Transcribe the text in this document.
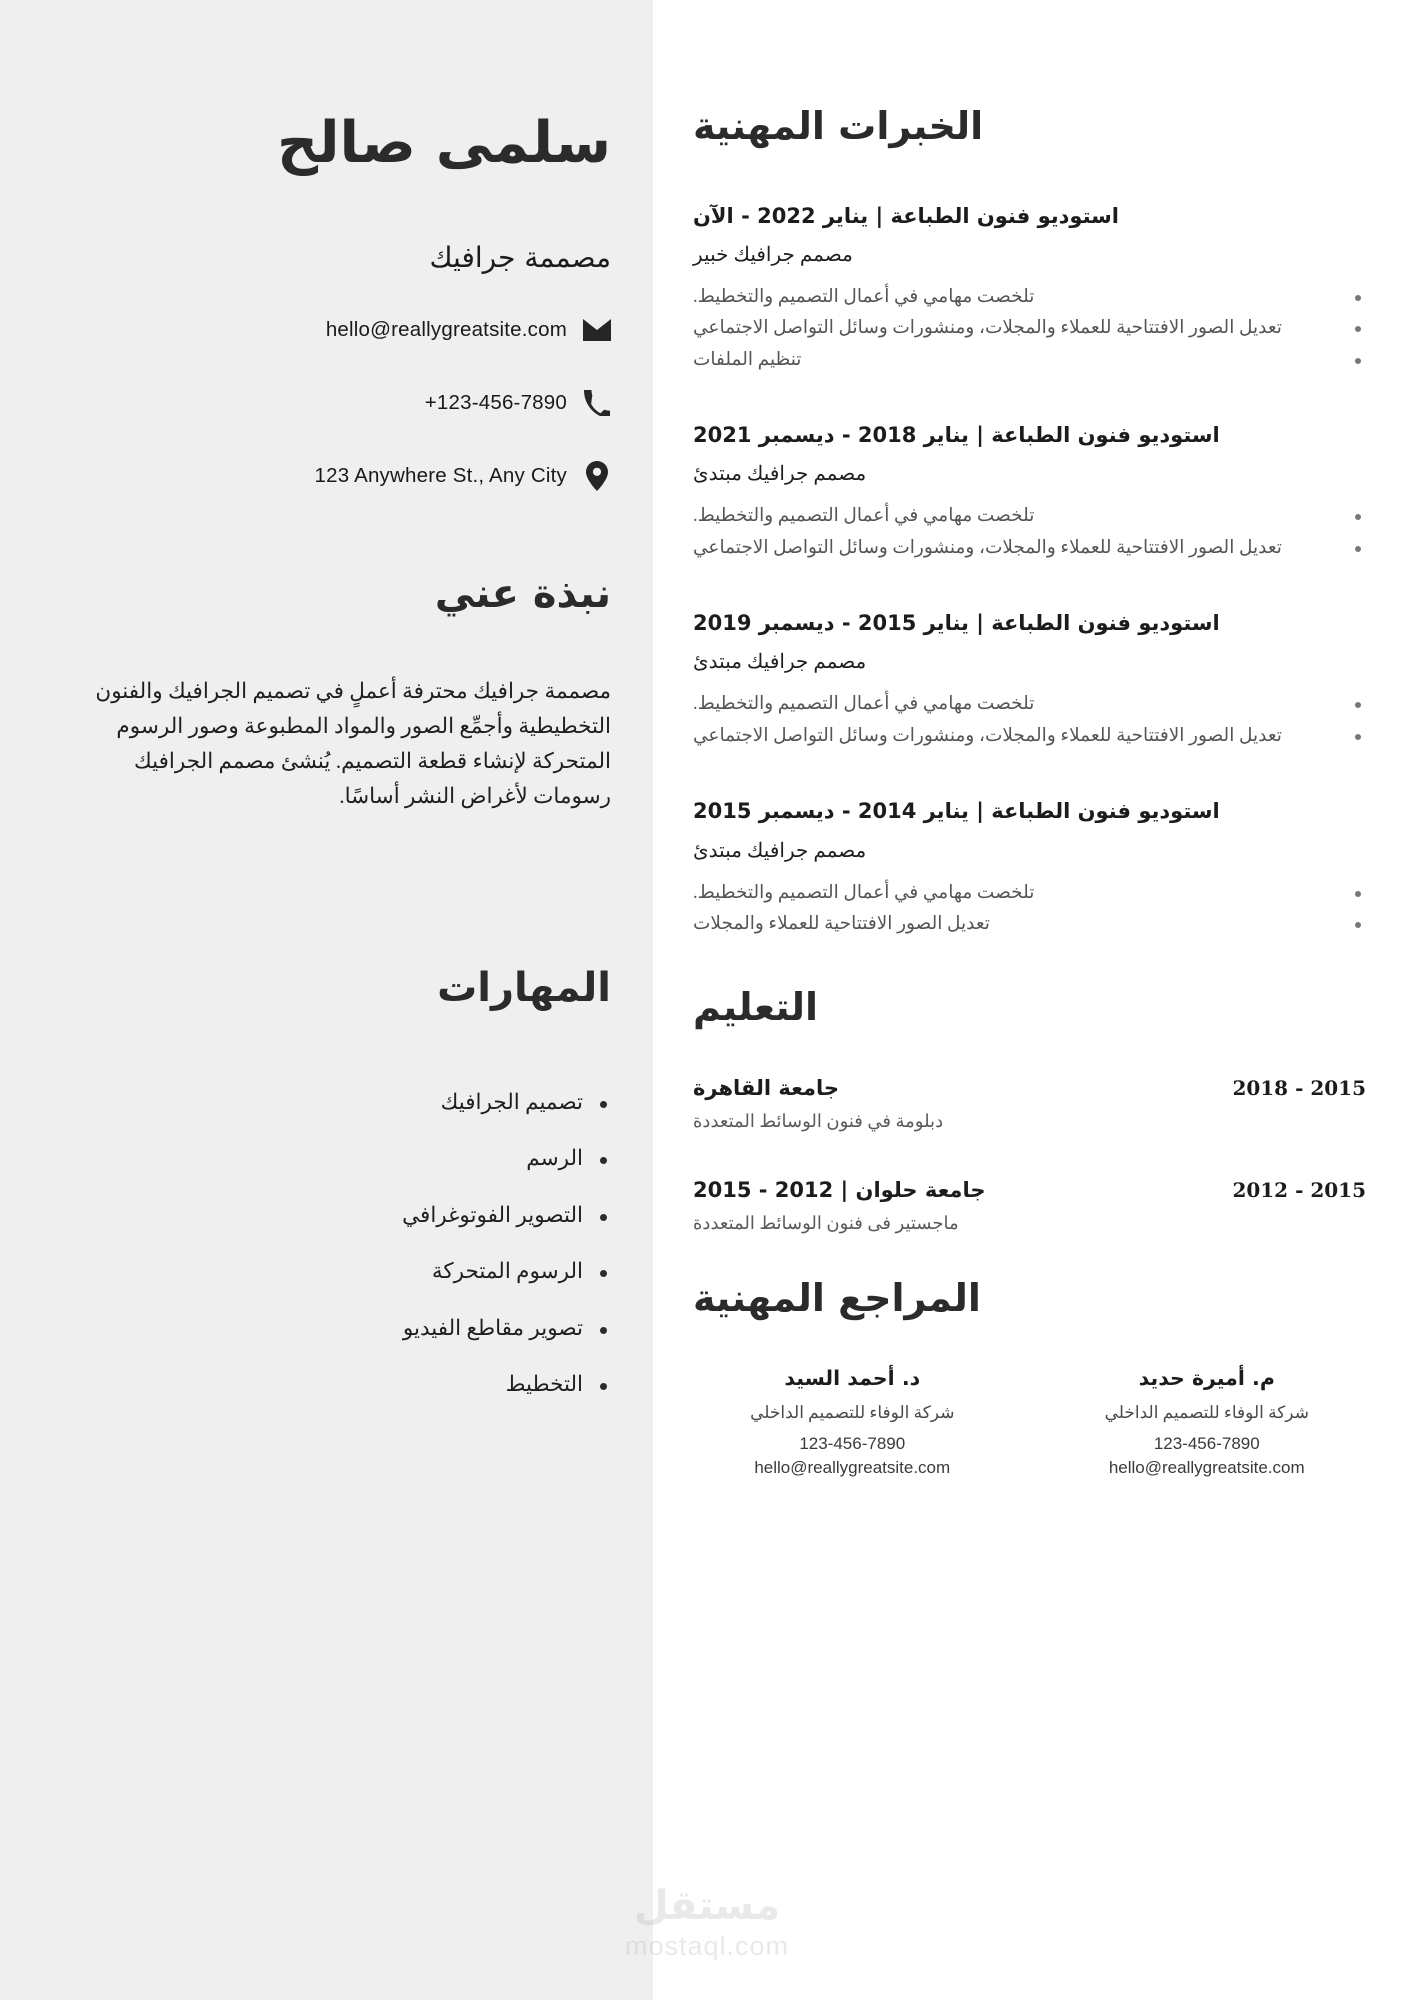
الخبرات المهنية
استوديو فنون الطباعة | يناير 2022 - الآن
مصمم جرافيك خبير
تلخصت مهامي في أعمال التصميم والتخطيط.
تعديل الصور الافتتاحية للعملاء والمجلات، ومنشورات وسائل التواصل الاجتماعي
تنظيم الملفات
استوديو فنون الطباعة | يناير 2018 - ديسمبر 2021
مصمم جرافيك مبتدئ
تلخصت مهامي في أعمال التصميم والتخطيط.
تعديل الصور الافتتاحية للعملاء والمجلات، ومنشورات وسائل التواصل الاجتماعي
استوديو فنون الطباعة | يناير 2015 - ديسمبر 2019
مصمم جرافيك مبتدئ
تلخصت مهامي في أعمال التصميم والتخطيط.
تعديل الصور الافتتاحية للعملاء والمجلات، ومنشورات وسائل التواصل الاجتماعي
استوديو فنون الطباعة | يناير 2014 - ديسمبر 2015
مصمم جرافيك مبتدئ
تلخصت مهامي في أعمال التصميم والتخطيط.
تعديل الصور الافتتاحية للعملاء والمجلات
التعليم
2018 - 2015
جامعة القاهرة
دبلومة في فنون الوسائط المتعددة
2012 - 2015
جامعة حلوان | 2012 - 2015
ماجستير فى فنون الوسائط المتعددة
المراجع المهنية
د. أحمد السيد
شركة الوفاء للتصميم الداخلي
123-456-7890
hello@reallygreatsite.com
م. أميرة حديد
شركة الوفاء للتصميم الداخلي
123-456-7890
hello@reallygreatsite.com
سلمى صالح
مصممة جرافيك
hello@reallygreatsite.com
+123-456-7890
123 Anywhere St., Any City
نبذة عني
مصممة جرافيك محترفة أعملٍ في تصميم الجرافيك والفنون التخطيطية وأجمِّع الصور والمواد المطبوعة وصور الرسوم المتحركة لإنشاء قطعة التصميم. يُنشئ مصمم الجرافيك رسومات لأغراض النشر أساسًا.
المهارات
تصميم الجرافيك
الرسم
التصوير الفوتوغرافي
الرسوم المتحركة
تصوير مقاطع الفيديو
التخطيط
مستقل
mostaql.com
